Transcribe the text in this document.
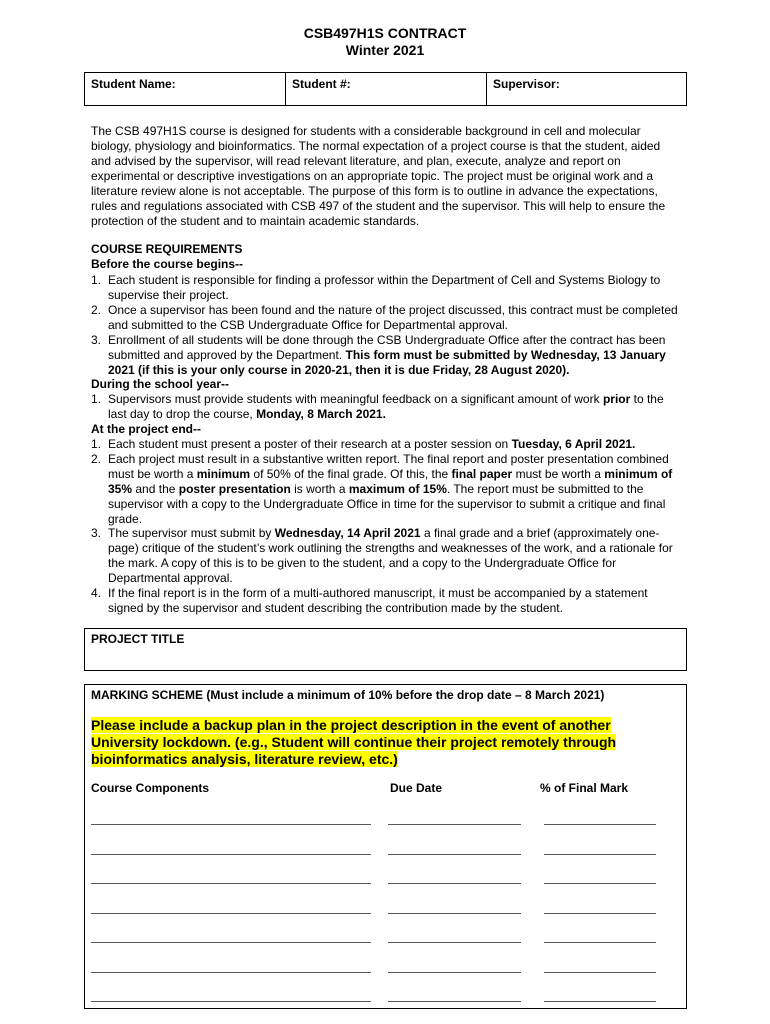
CSB497H1S CONTRACT
Winter 2021
Student Name:	Student #:	Supervisor:
The CSB 497H1S course is designed for students with a considerable background in cell and molecular biology, physiology and bioinformatics. The normal expectation of a project course is that the student, aided and advised by the supervisor, will read relevant literature, and plan, execute, analyze and report on experimental or descriptive investigations on an appropriate topic. The project must be original work and a literature review alone is not acceptable. The purpose of this form is to outline in advance the expectations, rules and regulations associated with CSB 497 of the student and the supervisor. This will help to ensure the protection of the student and to maintain academic standards.
COURSE REQUIREMENTS
Before the course begins--
1. Each student is responsible for finding a professor within the Department of Cell and Systems Biology to supervise their project.
2. Once a supervisor has been found and the nature of the project discussed, this contract must be completed and submitted to the CSB Undergraduate Office for Departmental approval.
3. Enrollment of all students will be done through the CSB Undergraduate Office after the contract has been submitted and approved by the Department. This form must be submitted by Wednesday, 13 January 2021 (if this is your only course in 2020-21, then it is due Friday, 28 August 2020).
During the school year--
1. Supervisors must provide students with meaningful feedback on a significant amount of work prior to the last day to drop the course, Monday, 8 March 2021.
At the project end--
1. Each student must present a poster of their research at a poster session on Tuesday, 6 April 2021.
2. Each project must result in a substantive written report. The final report and poster presentation combined must be worth a minimum of 50% of the final grade. Of this, the final paper must be worth a minimum of 35% and the poster presentation is worth a maximum of 15%. The report must be submitted to the supervisor with a copy to the Undergraduate Office in time for the supervisor to submit a critique and final grade.
3. The supervisor must submit by Wednesday, 14 April 2021 a final grade and a brief (approximately one-page) critique of the student’s work outlining the strengths and weaknesses of the work, and a rationale for the mark. A copy of this is to be given to the student, and a copy to the Undergraduate Office for Departmental approval.
4. If the final report is in the form of a multi-authored manuscript, it must be accompanied by a statement signed by the supervisor and student describing the contribution made by the student.
PROJECT TITLE
MARKING SCHEME (Must include a minimum of 10% before the drop date – 8 March 2021)
Please include a backup plan in the project description in the event of another University lockdown. (e.g., Student will continue their project remotely through bioinformatics analysis, literature review, etc.)
Course Components	Due Date	% of Final Mark
